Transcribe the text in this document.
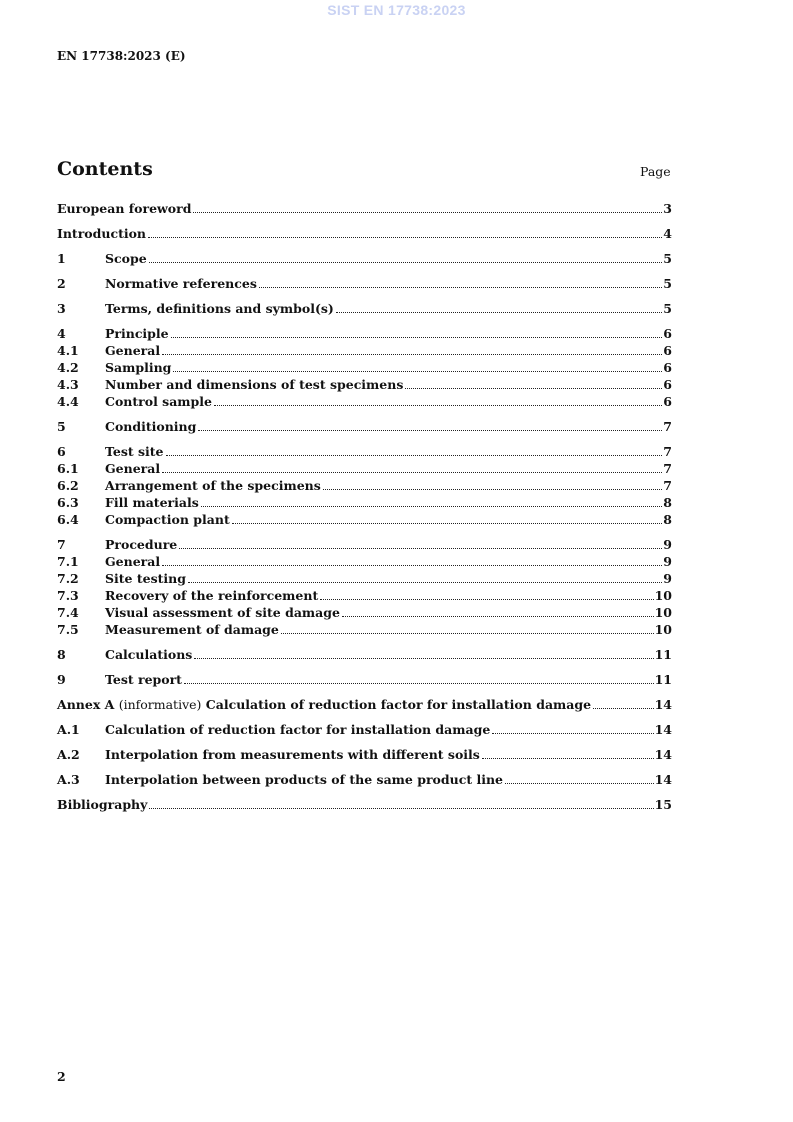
SIST EN 17738:2023
EN 17738:2023 (E)
Contents	Page
European foreword	3
Introduction	4
1	Scope	5
2	Normative references	5
3	Terms, definitions and symbol(s)	5
4	Principle	6
4.1	General	6
4.2	Sampling	6
4.3	Number and dimensions of test specimens	6
4.4	Control sample	6
5	Conditioning	7
6	Test site	7
6.1	General	7
6.2	Arrangement of the specimens	7
6.3	Fill materials	8
6.4	Compaction plant	8
7	Procedure	9
7.1	General	9
7.2	Site testing	9
7.3	Recovery of the reinforcement	10
7.4	Visual assessment of site damage	10
7.5	Measurement of damage	10
8	Calculations	11
9	Test report	11
Annex A (informative) Calculation of reduction factor for installation damage	14
A.1	Calculation of reduction factor for installation damage	14
A.2	Interpolation from measurements with different soils	14
A.3	Interpolation between products of the same product line	14
Bibliography	15
2
